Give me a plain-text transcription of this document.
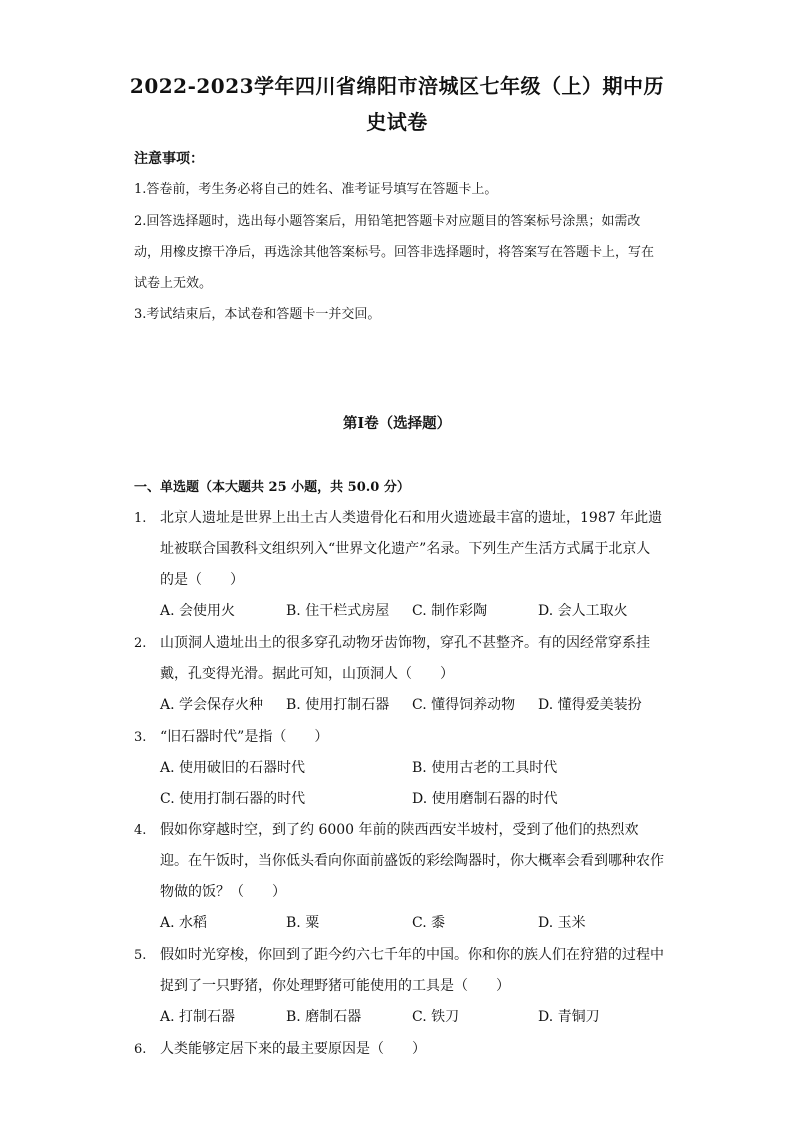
2022-2023学年四川省绵阳市涪城区七年级（上）期中历
史试卷
注意事项：
1.答卷前，考生务必将自己的姓名、准考证号填写在答题卡上。
2.回答选择题时，选出每小题答案后，用铅笔把答题卡对应题目的答案标号涂黑；如需改动，用橡皮擦干净后，再选涂其他答案标号。回答非选择题时，将答案写在答题卡上，写在试卷上无效。
3.考试结束后，本试卷和答题卡一并交回。
第Ⅰ卷（选择题）
一、单选题（本大题共 25 小题，共 50.0 分）
1. 北京人遗址是世界上出土古人类遗骨化石和用火遗迹最丰富的遗址，1987 年此遗址被联合国教科文组织列入“世界文化遗产”名录。下列生产生活方式属于北京人的是（　　）
A. 会使用火	B. 住干栏式房屋 C. 制作彩陶	D. 会人工取火
2. 山顶洞人遗址出土的很多穿孔动物牙齿饰物，穿孔不甚整齐。有的因经常穿系挂戴，孔变得光滑。据此可知，山顶洞人（　　）
A. 学会保存火种 B. 使用打制石器 C. 懂得饲养动物 D. 懂得爱美装扮
3. “旧石器时代”是指（　　）
A. 使用破旧的石器时代	B. 使用古老的工具时代
C. 使用打制石器的时代	D. 使用磨制石器的时代
4. 假如你穿越时空，到了约 6000 年前的陕西西安半坡村，受到了他们的热烈欢迎。在午饭时，当你低头看向你面前盛饭的彩绘陶器时，你大概率会看到哪种农作物做的饭？（　　）
A. 水稻	B. 粟	C. 黍	D. 玉米
5. 假如时光穿梭，你回到了距今约六七千年的中国。你和你的族人们在狩猎的过程中捉到了一只野猪，你处理野猪可能使用的工具是（　　）
A. 打制石器	B. 磨制石器	C. 铁刀	D. 青铜刀
6. 人类能够定居下来的最主要原因是（　　）
